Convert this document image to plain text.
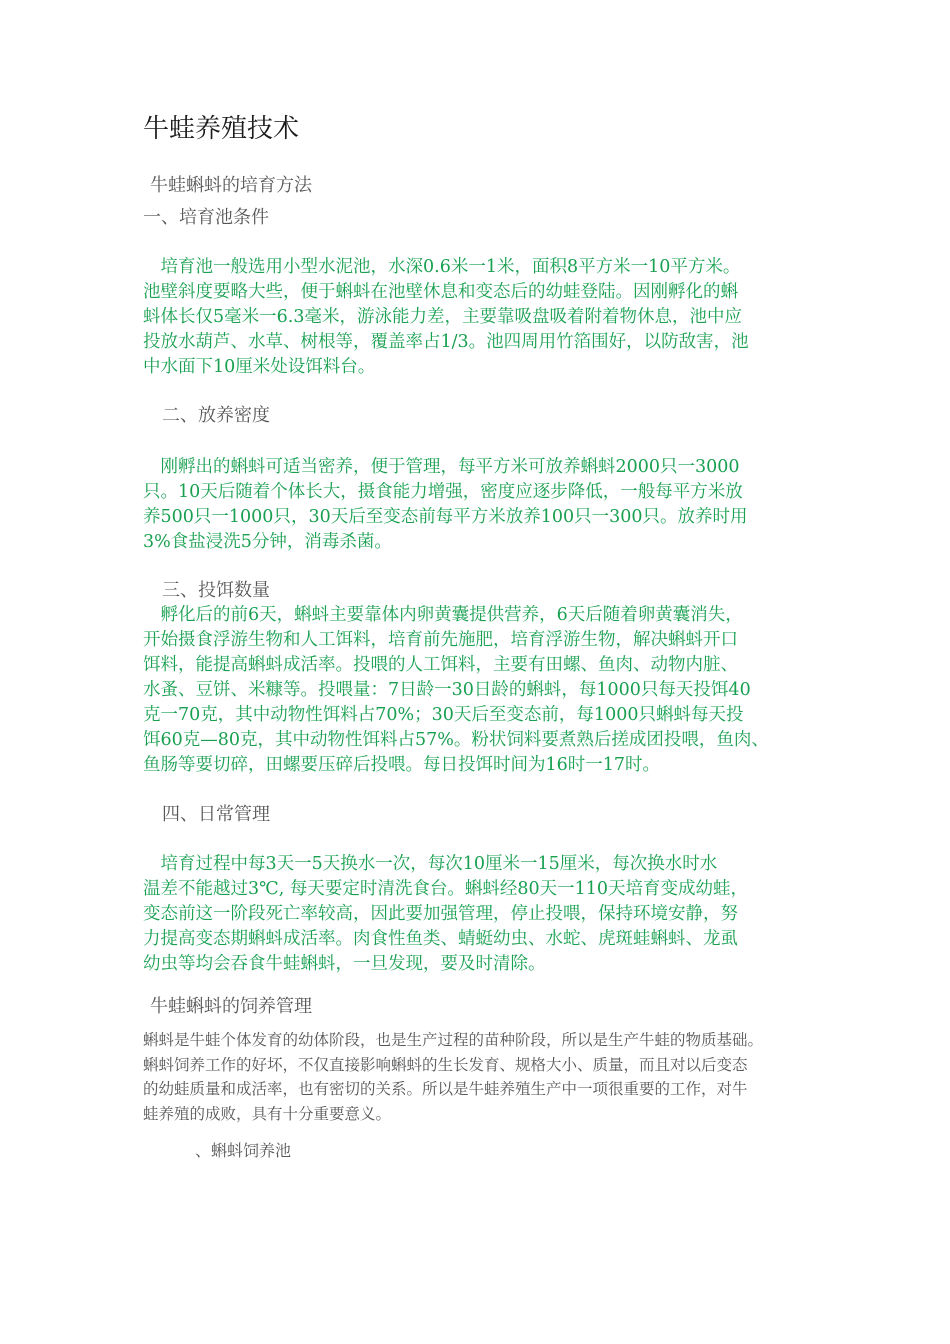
牛蛙养殖技术
牛蛙蝌蚪的培育方法
一、培育池条件
　培育池一般选用小型水泥池，水深0.6米一1米，面积8平方米一10平方米。
池壁斜度要略大些，便于蝌蚪在池壁休息和变态后的幼蛙登陆。因刚孵化的蝌
蚪体长仅5毫米一6.3毫米，游泳能力差，主要靠吸盘吸着附着物休息，池中应
投放水葫芦、水草、树根等，覆盖率占1/3。池四周用竹箔围好，以防敌害，池
中水面下10厘米处设饵料台。
二、放养密度
　刚孵出的蝌蚪可适当密养，便于管理，每平方米可放养蝌蚪2000只一3000
只。10天后随着个体长大，摄食能力增强，密度应逐步降低，一般每平方米放
养500只一1000只，30天后至变态前每平方米放养100只一300只。放养时用
3%食盐浸洗5分钟，消毒杀菌。
三、投饵数量
　孵化后的前6天，蝌蚪主要靠体内卵黄囊提供营养，6天后随着卵黄囊消失，
开始摄食浮游生物和人工饵料，培育前先施肥，培育浮游生物，解决蝌蚪开口
饵料，能提高蝌蚪成活率。投喂的人工饵料，主要有田螺、鱼肉、动物内脏、
水蚤、豆饼、米糠等。投喂量：7日龄一30日龄的蝌蚪，每1000只每天投饵40
克一70克，其中动物性饵料占70%；30天后至变态前，每1000只蝌蚪每天投
饵60克—80克，其中动物性饵料占57%。粉状饲料要煮熟后搓成团投喂，鱼肉、
鱼肠等要切碎，田螺要压碎后投喂。每日投饵时间为16时一17时。
四、日常管理
　培育过程中每3天一5天换水一次，每次10厘米一15厘米，每次换水时水
温差不能越过3℃, 每天要定时清洗食台。蝌蚪经80天一110天培育变成幼蛙，
变态前这一阶段死亡率较高，因此要加强管理，停止投喂，保持环境安静，努
力提高变态期蝌蚪成活率。肉食性鱼类、蜻蜓幼虫、水蛇、虎斑蛙蝌蚪、龙虱
幼虫等均会吞食牛蛙蝌蚪，一旦发现，要及时清除。
牛蛙蝌蚪的饲养管理
蝌蚪是牛蛙个体发育的幼体阶段，也是生产过程的苗种阶段，所以是生产牛蛙的物质基础。
蝌蚪饲养工作的好坏，不仅直接影响蝌蚪的生长发育、规格大小、质量，而且对以后变态
的幼蛙质量和成活率，也有密切的关系。所以是牛蛙养殖生产中一项很重要的工作，对牛
蛙养殖的成败，具有十分重要意义。
、蝌蚪饲养池
